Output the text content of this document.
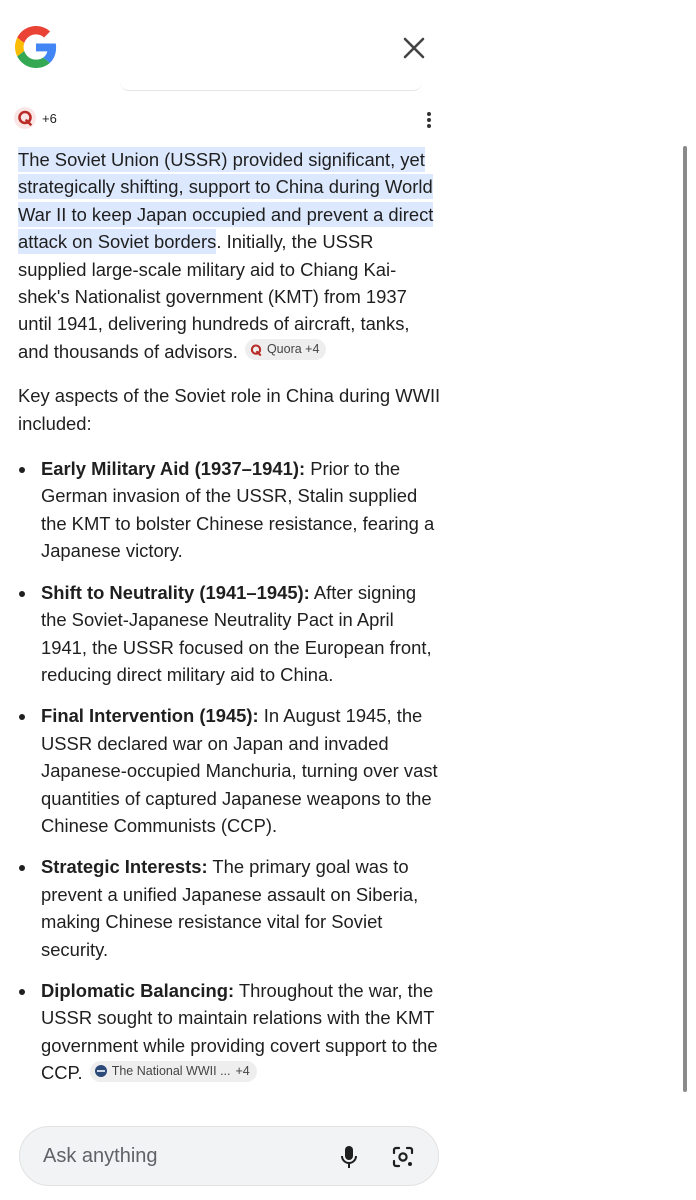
+6

The Soviet Union (USSR) provided significant, yet strategically shifting, support to China during World War II to keep Japan occupied and prevent a direct attack on Soviet borders. Initially, the USSR supplied large-scale military aid to Chiang Kai-shek's Nationalist government (KMT) from 1937 until 1941, delivering hundreds of aircraft, tanks, and thousands of advisors. Quora +4

Key aspects of the Soviet role in China during WWII included:

Early Military Aid (1937–1941): Prior to the German invasion of the USSR, Stalin supplied the KMT to bolster Chinese resistance, fearing a Japanese victory.
Shift to Neutrality (1941–1945): After signing the Soviet-Japanese Neutrality Pact in April 1941, the USSR focused on the European front, reducing direct military aid to China.
Final Intervention (1945): In August 1945, the USSR declared war on Japan and invaded Japanese-occupied Manchuria, turning over vast quantities of captured Japanese weapons to the Chinese Communists (CCP).
Strategic Interests: The primary goal was to prevent a unified Japanese assault on Siberia, making Chinese resistance vital for Soviet security.
Diplomatic Balancing: Throughout the war, the USSR sought to maintain relations with the KMT government while providing covert support to the CCP. The National WWII ... +4
Ask anything
